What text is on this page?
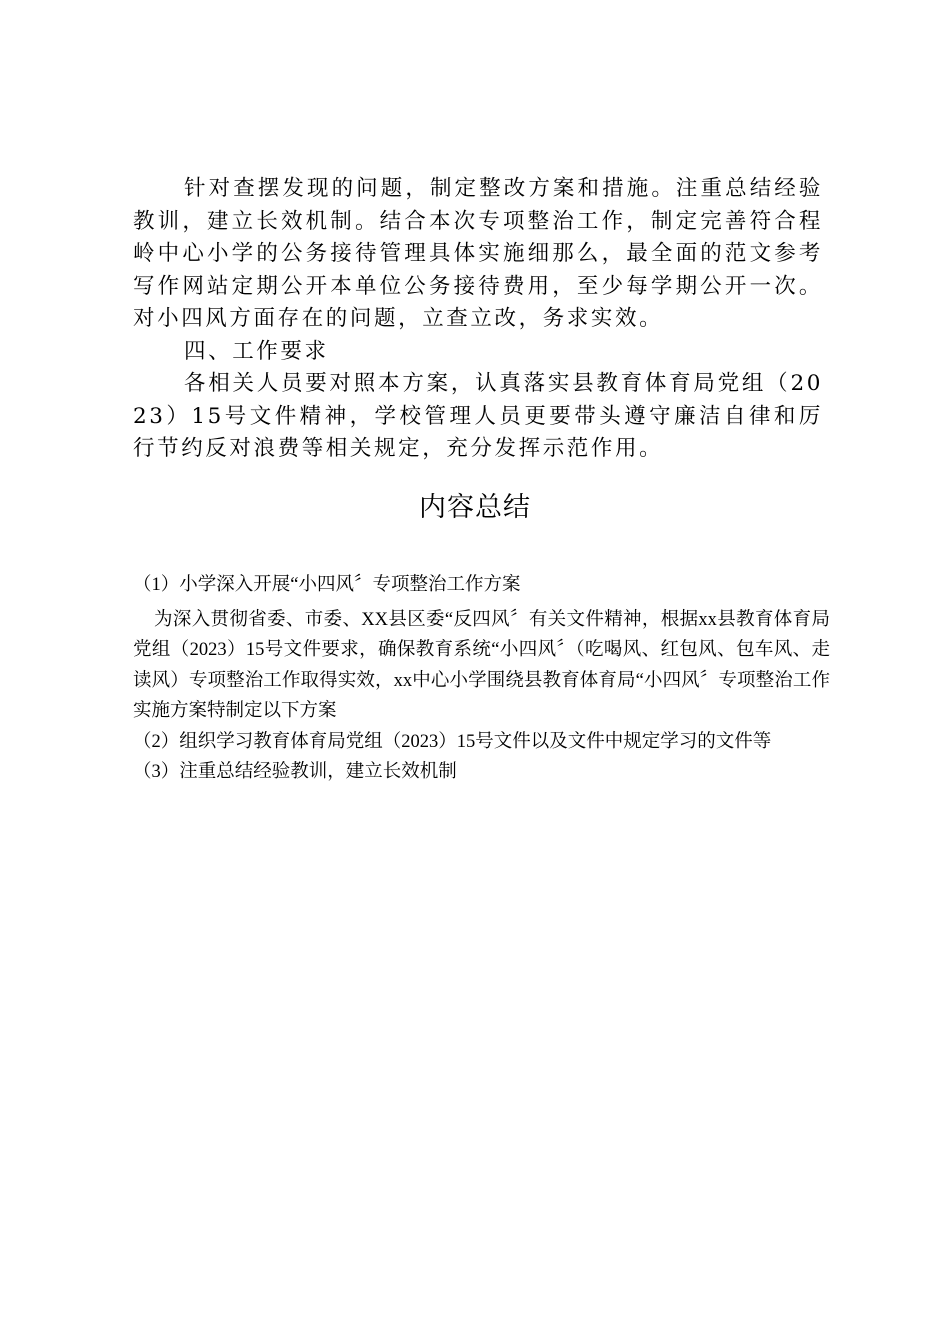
针对查摆发现的问题，制定整改方案和措施。注重总结经验教训，建立长效机制。结合本次专项整治工作，制定完善符合程岭中心小学的公务接待管理具体实施细那么，最全面的范文参考写作网站定期公开本单位公务接待费用，至少每学期公开一次。对小四风方面存在的问题，立查立改，务求实效。

四、工作要求

各相关人员要对照本方案，认真落实县教育体育局党组（2023）15号文件精神，学校管理人员更要带头遵守廉洁自律和厉行节约反对浪费等相关规定，充分发挥示范作用。

内容总结

（1）小学深入开展“小四风〞专项整治工作方案

为深入贯彻省委、市委、XX县区委“反四风〞有关文件精神，根据xx县教育体育局党组（2023）15号文件要求，确保教育系统“小四风〞（吃喝风、红包风、包车风、走读风）专项整治工作取得实效，xx中心小学围绕县教育体育局“小四风〞专项整治工作实施方案特制定以下方案

（2）组织学习教育体育局党组（2023）15号文件以及文件中规定学习的文件等

（3）注重总结经验教训，建立长效机制
